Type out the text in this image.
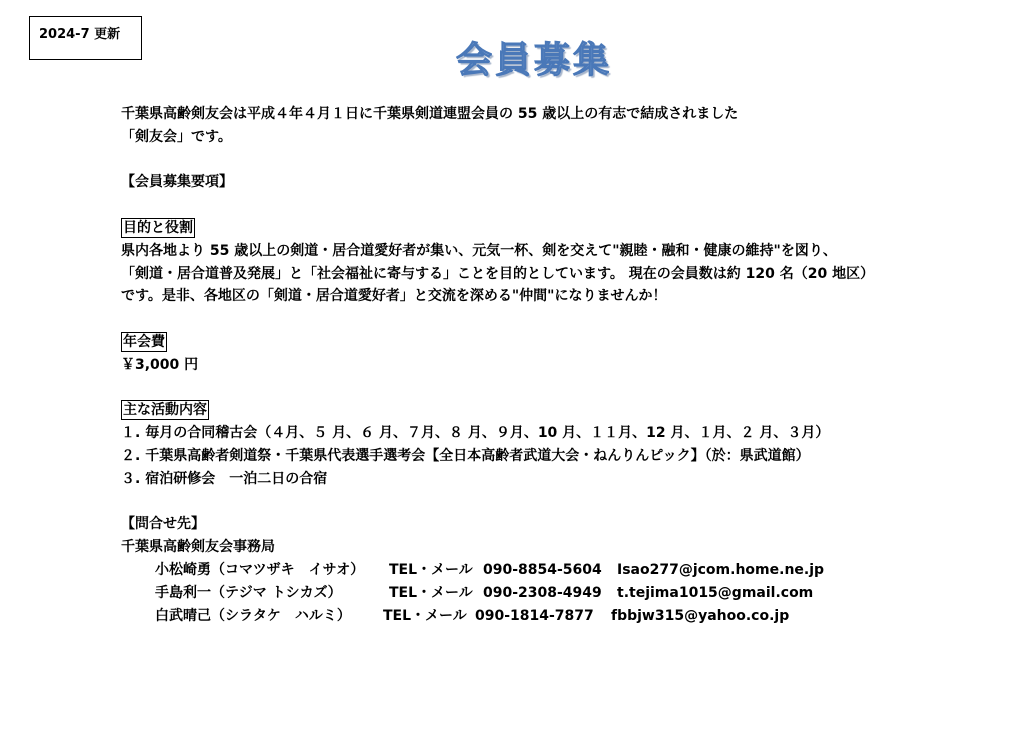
2024-7 更新
会員募集

千葉県高齢剣友会は平成４年４月１日に千葉県剣道連盟会員の 55 歳以上の有志で結成されました

「剣友会」です。

【会員募集要項】

目的と役割

県内各地より 55 歳以上の剣道・居合道愛好者が集い、元気一杯、剣を交えて"親睦・融和・健康の維持"を図り、

「剣道・居合道普及発展」と「社会福祉に寄与する」ことを目的としています。 現在の会員数は約 120 名（20 地区）

です。是非、各地区の「剣道・居合道愛好者」と交流を深める"仲間"になりませんか！

年会費

￥3,000 円

主な活動内容

１. 毎月の合同稽古会（４月、５ 月、６ 月、７月、８ 月、９月、10 月、１１月、12 月、１月、２ 月、３月）

２. 千葉県高齢者剣道祭・千葉県代表選手選考会【全日本高齢者武道大会・ねんりんピック】（於：県武道館）

３. 宿泊研修会　一泊二日の合宿

【問合せ先】

千葉県高齢剣友会事務局

小松崎勇（コマツザキ　イサオ）

TEL・メール

090-8854-5604

Isao277@jcom.home.ne.jp

手島利一（テジマ トシカズ）

	TEL・メール

090-2308-4949

t.tejima1015@gmail.com

白武晴己（シラタケ　ハルミ）

TEL・メール

090-1814-7877

fbbjw315@yahoo.co.jp
